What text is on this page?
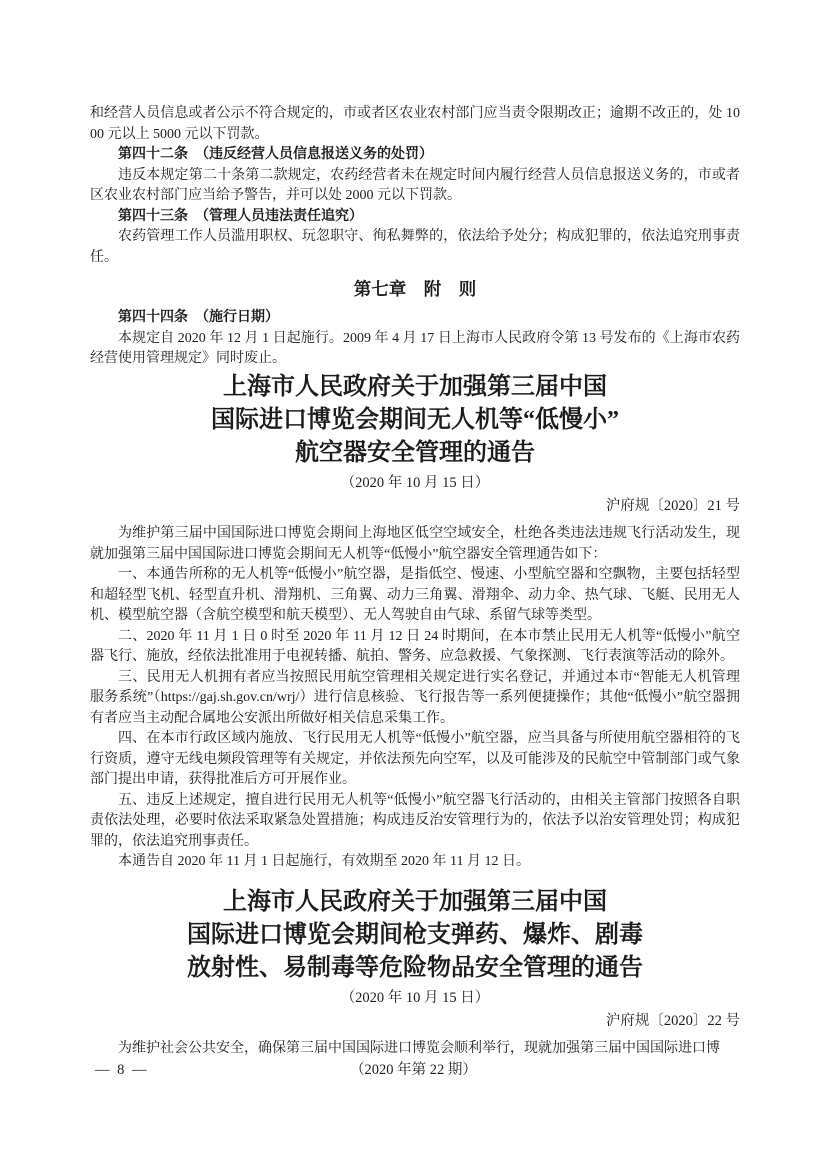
和经营人员信息或者公示不符合规定的，市或者区农业农村部门应当责令限期改正；逾期不改正的，处 1000 元以上 5000 元以下罚款。

第四十二条　（违反经营人员信息报送义务的处罚）

违反本规定第二十条第二款规定，农药经营者未在规定时间内履行经营人员信息报送义务的，市或者区农业农村部门应当给予警告，并可以处 2000 元以下罚款。

第四十三条　（管理人员违法责任追究）

农药管理工作人员滥用职权、玩忽职守、徇私舞弊的，依法给予处分；构成犯罪的，依法追究刑事责任。

第七章　附　则

第四十四条　（施行日期）

本规定自 2020 年 12 月 1 日起施行。2009 年 4 月 17 日上海市人民政府令第 13 号发布的《上海市农药经营使用管理规定》同时废止。

上海市人民政府关于加强第三届中国
国际进口博览会期间无人机等“低慢小”
航空器安全管理的通告

（2020 年 10 月 15 日）

沪府规〔2020〕21 号

为维护第三届中国国际进口博览会期间上海地区低空空域安全，杜绝各类违法违规飞行活动发生，现就加强第三届中国国际进口博览会期间无人机等“低慢小”航空器安全管理通告如下：

一、本通告所称的无人机等“低慢小”航空器，是指低空、慢速、小型航空器和空飘物，主要包括轻型和超轻型飞机、轻型直升机、滑翔机、三角翼、动力三角翼、滑翔伞、动力伞、热气球、飞艇、民用无人机、模型航空器（含航空模型和航天模型）、无人驾驶自由气球、系留气球等类型。

二、2020 年 11 月 1 日 0 时至 2020 年 11 月 12 日 24 时期间，在本市禁止民用无人机等“低慢小”航空器飞行、施放，经依法批准用于电视转播、航拍、警务、应急救援、气象探测、飞行表演等活动的除外。

三、民用无人机拥有者应当按照民用航空管理相关规定进行实名登记，并通过本市“智能无人机管理服务系统”（https://gaj.sh.gov.cn/wrj/）进行信息核验、飞行报告等一系列便捷操作；其他“低慢小”航空器拥有者应当主动配合属地公安派出所做好相关信息采集工作。

四、在本市行政区域内施放、飞行民用无人机等“低慢小”航空器，应当具备与所使用航空器相符的飞行资质，遵守无线电频段管理等有关规定，并依法预先向空军，以及可能涉及的民航空中管制部门或气象部门提出申请，获得批准后方可开展作业。

五、违反上述规定，擅自进行民用无人机等“低慢小”航空器飞行活动的，由相关主管部门按照各自职责依法处理，必要时依法采取紧急处置措施；构成违反治安管理行为的，依法予以治安管理处罚；构成犯罪的，依法追究刑事责任。

本通告自 2020 年 11 月 1 日起施行，有效期至 2020 年 11 月 12 日。

上海市人民政府关于加强第三届中国
国际进口博览会期间枪支弹药、爆炸、剧毒
放射性、易制毒等危险物品安全管理的通告

（2020 年 10 月 15 日）

沪府规〔2020〕22 号

为维护社会公共安全，确保第三届中国国际进口博览会顺利举行，现就加强第三届中国国际进口博

— 8 —	（2020 年第 22 期）
